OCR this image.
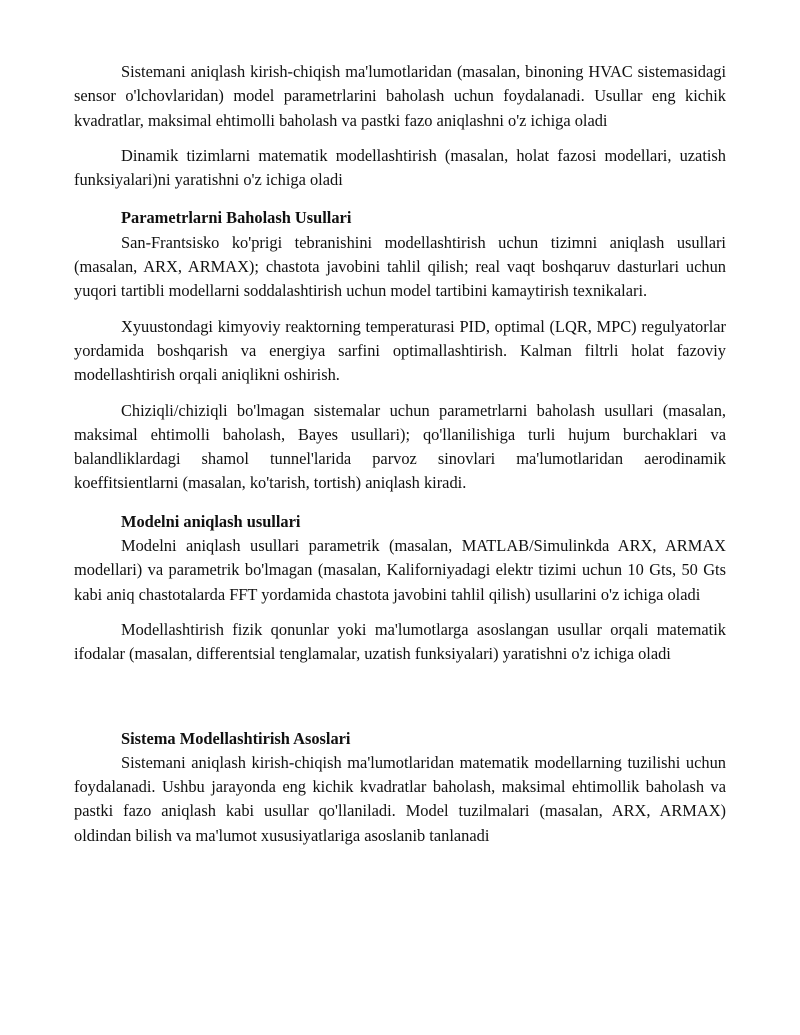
Sistemani aniqlash kirish-chiqish ma'lumotlaridan (masalan, binoning HVAC sistemasidagi sensor o'lchovlaridan) model parametrlarini baholash uchun foydalanadi. Usullar eng kichik kvadratlar, maksimal ehtimolli baholash va pastki fazo aniqlashni o'z ichiga oladi

Dinamik tizimlarni matematik modellashtirish (masalan, holat fazosi modellari, uzatish funksiyalari)ni yaratishni o'z ichiga oladi

Parametrlarni Baholash Usullari

San-Frantsisko ko'prigi tebranishini modellashtirish uchun tizimni aniqlash usullari (masalan, ARX, ARMAX); chastota javobini tahlil qilish; real vaqt boshqaruv dasturlari uchun yuqori tartibli modellarni soddalashtirish uchun model tartibini kamaytirish texnikalari.

Xyuustondagi kimyoviy reaktorning temperaturasi PID, optimal (LQR, MPC) regulyatorlar yordamida boshqarish va energiya sarfini optimallashtirish. Kalman filtrli holat fazoviy modellashtirish orqali aniqlikni oshirish.

Chiziqli/chiziqli bo'lmagan sistemalar uchun parametrlarni baholash usullari (masalan, maksimal ehtimolli baholash, Bayes usullari); qo'llanilishiga turli hujum burchaklari va balandliklardagi shamol tunnel'larida parvoz sinovlari ma'lumotlaridan aerodinamik koeffitsientlarni (masalan, ko'tarish, tortish) aniqlash kiradi.

Modelni aniqlash usullari

Modelni aniqlash usullari parametrik (masalan, MATLAB/Simulinkda ARX, ARMAX modellari) va parametrik bo'lmagan (masalan, Kaliforniyadagi elektr tizimi uchun 10 Gts, 50 Gts kabi aniq chastotalarda FFT yordamida chastota javobini tahlil qilish) usullarini o'z ichiga oladi

Modellashtirish fizik qonunlar yoki ma'lumotlarga asoslangan usullar orqali matematik ifodalar (masalan, differentsial tenglamalar, uzatish funksiyalari) yaratishni o'z ichiga oladi

Sistema Modellashtirish Asoslari

Sistemani aniqlash kirish-chiqish ma'lumotlaridan matematik modellarning tuzilishi uchun foydalanadi. Ushbu jarayonda eng kichik kvadratlar baholash, maksimal ehtimollik baholash va pastki fazo aniqlash kabi usullar qo'llaniladi. Model tuzilmalari (masalan, ARX, ARMAX) oldindan bilish va ma'lumot xususiyatlariga asoslanib tanlanadi
